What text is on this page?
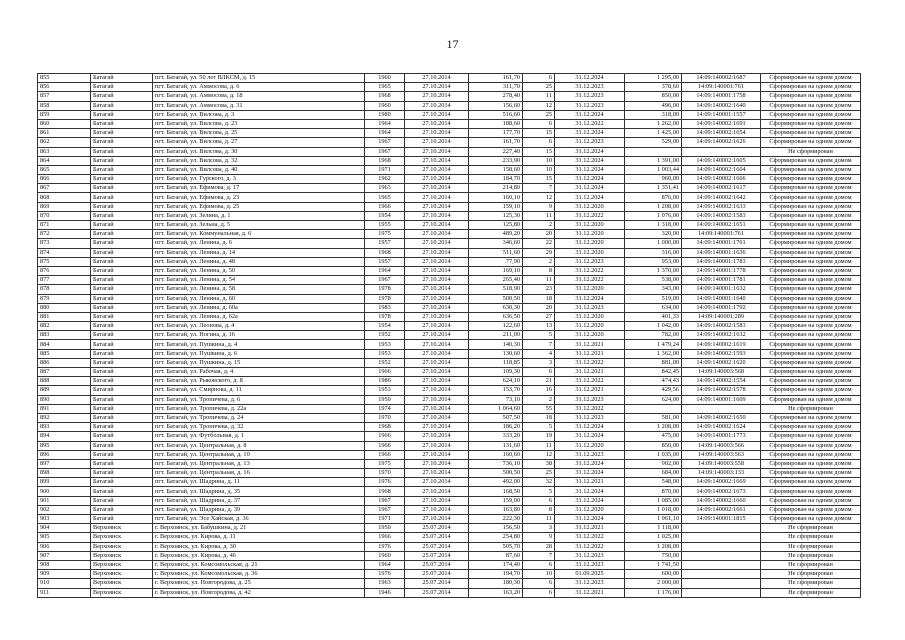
17
855	Батагай	пгт. Батагай, ул. 50 лет ВЛКСМ, д. 15	1960	27.10.2014	161,70	6	31.12.2024	1 295,00	14:09:140002:1687	Сформирован на одним домом
856	Батагай	пгт. Батагай, ул. Аммосова, д. 6	1965	27.10.2014	311,70	25	31.12.2023	378,60	14:09:140001:761	Сформирован на одним домом
857	Батагай	пгт. Батагай, ул. Аммосова, д. 18	1968	27.10.2014	278,40	11	31.12.2023	850,00	14:09:140001:1758	Сформирован на одним домом
858	Батагай	пгт. Батагай, ул. Аммосова, д. 31	1960	27.10.2014	156,60	12	31.12.2023	496,00	14:09:140002:1640	Сформирован на одним домом
859	Батагай	пгт. Батагай, ул. Вилсова, д. 3	1980	27.10.2014	516,60	25	31.12.2024	318,00	14:09:140001:1557	Сформирован на одним домом
860	Батагай	пгт. Батагай, ул. Вилсова, д. 23	1964	27.10.2014	188,60	6	31.12.2022	1 262,00	14:09:140002:1691	Сформирован на одним домом
861	Батагай	пгт. Батагай, ул. Вилсова, д. 25	1964	27.10.2014	177,70	15	31.12.2024	1 425,00	14:09:140002:1654	Сформирован на одним домом
862	Батагай	пгт. Батагай, ул. Вилсова, д. 27	1967	27.10.2014	161,70	6	31.12.2023	529,00	14:09:140002:1626	Сформирован на одним домом
863	Батагай	пгт. Батагай, ул. Вилсова, д. 30	1967	27.10.2014	227,40	15	31.12.2024			Не сформирован
864	Батагай	пгт. Батагай, ул. Вилсова, д. 32	1968	27.10.2014	233,90	10	31.12.2024	1 391,00	14:09:140002:1605	Сформирован на одним домом
865	Батагай	пгт. Батагай, ул. Вилсова, д. 40	1971	27.10.2014	158,60	10	31.12.2024	1 003,44	14:09:140002:1604	Сформирован на одним домом
866	Батагай	пгт. Батагай, ул. Гурского, д. 3	1962	27.10.2014	184,70	15	31.12.2024	960,00	14:09:140002:1666	Сформирован на одним домом
867	Батагай	пгт. Батагай, ул. Ефимова, д. 17	1963	27.10.2014	214,80	7	31.12.2024	1 351,41	14:09:140002:1617	Сформирован на одним домом
868	Батагай	пгт. Батагай, ул. Ефимова, д. 23	1965	27.10.2014	160,10	12	31.12.2024	876,00	14:09:140002:1642	Сформирован на одним домом
869	Батагай	пгт. Батагай, ул. Ефимова, д. 25	1966	27.10.2014	159,10	9	31.12.2020	1 208,00	14:09:140002:1633	Сформирован на одним домом
870	Батагай	пгт. Батагай, ул. Зелина, д. 1	1954	27.10.2014	125,30	11	31.12.2022	1 076,00	14:09:140002:1583	Сформирован на одним домом
871	Батагай	пгт. Батагай, ул. Зельна, д. 5	1955	27.10.2014	125,80	2	31.12.2020	1 318,00	14:09:140002:1651	Сформирован на одним домом
872	Батагай	пгт. Батагай, ул. Коммунальная, д. 6	1975	27.10.2014	489,20	20	31.12.2020	320,00	14:09:140001:761	Сформирован на одним домом
873	Батагай	пгт. Батагай, ул. Ленина, д. 6	1957	27.10.2014	346,60	22	31.12.2020	1 000,00	14:09:140001:1761	Сформирован на одним домом
874	Батагай	пгт. Батагай, ул. Ленина, д. 14	1968	27.10.2014	511,60	29	31.12.2020	316,00	14:09:140001:1636	Сформирован на одним домом
875	Батагай	пгт. Батагай, ул. Ленина, д. 48	1957	27.10.2014	77,90	2	31.12.2023	953,00	14:09:140001:1783	Сформирован на одним домом
876	Батагай	пгт. Батагай, ул. Ленина, д. 50	1964	27.10.2014	169,10	8	31.12.2022	1 370,00	14:09:140001:1778	Сформирован на одним домом
877	Батагай	пгт. Батагай, ул. Ленина, д. 54	1967	27.10.2014	265,40	11	31.12.2022	538,00	14:09:140001:1781	Сформирован на одним домом
878	Батагай	пгт. Батагай, ул. Ленина, д. 58	1978	27.10.2014	518,90	23	31.12.2020	343,00	14:09:140001:1632	Сформирован на одним домом
879	Батагай	пгт. Батагай, ул. Ленина, д. 60	1978	27.10.2014	500,50	18	31.12.2024	519,00	14:09:140001:1640	Сформирован на одним домом
880	Батагай	пгт. Батагай, ул. Ленина, д. 60а	1983	27.10.2014	630,30	20	31.12.2023	634,00	14:09:140001:1792	Сформирован на одним домом
881	Батагай	пгт. Батагай, ул. Ленина, д. 62а	1978	27.10.2014	636,50	27	31.12.2020	401,33	14:09:140001:289	Сформирован на одним домом
882	Батагай	пгт. Батагай, ул. Леонова, д. 4	1954	27.10.2014	122,60	13	31.12.2020	1 042,00	14:09:140002:1583	Сформирован на одним домом
883	Батагай	пгт. Батагай, ул. Ногина, д. 16	1952	27.10.2014	211,00	5	31.12.2020	782,00	14:09:140002:1632	Сформирован на одним домом
884	Батагай	пгт. Батагай, ул. Пушкина, д. 4	1953	27.10.2014	140,30	7	31.12.2021	1 479,24	14:09:140002:1619	Сформирован на одним домом
885	Батагай	пгт. Батагай, ул. Пушкина, д. 6	1953	27.10.2014	130,60	4	31.12.2021	1 362,00	14:09:140002:1593	Сформирован на одним домом
886	Батагай	пгт. Батагай, ул. Пушкина, д. 15	1952	27.10.2014	118,85	3	31.12.2022	881,00	14:09:140002:1620	Сформирован на одним домом
887	Батагай	пгт. Батагай, ул. Рабочая, д. 4	1966	27.10.2014	109,30	6	31.12.2021	842,45	14:09:140003:568	Сформирован на одним домом
888	Батагай	пгт. Батагай, ул. Рыковского, д. 8	1986	27.10.2014	624,10	21	31.12.2022	474,43	14:09:140002:1554	Сформирован на одним домом
889	Батагай	пгт. Батагай, ул. Смирнова, д. 11	1953	27.10.2014	153,70	16	31.12.2021	429,56	14:09:140002:1578	Сформирован на одним домом
890	Батагай	пгт. Батагай, ул. Тропичева, д. 6	1950	27.10.2014	73,10	2	31.12.2023	624,00	14:09:140001:1609	Сформирован на одним домом
891	Батагай	пгт. Батагай, ул. Тропичева, д. 22а	1974	27.10.2014	1 064,60	55	31.12.2022			Не сформирован
892	Батагай	пгт. Батагай, ул. Тропичева, д. 24	1970	27.10.2014	507,50	18	31.12.2023	581,00	14:09:140002:1650	Сформирован на одним домом
893	Батагай	пгт. Батагай, ул. Тропичева, д. 32	1968	27.10.2014	186,20	5	31.12.2024	1 208,00	14:09:140002:1624	Сформирован на одним домом
894	Батагай	пгт. Батагай, ул. Футбольная, д. 1	1966	27.10.2014	333,20	19	31.12.2024	475,00	14:09:140001:1773	Сформирован на одним домом
895	Батагай	пгт. Батагай, ул. Центральная, д. 8	1966	27.10.2014	131,60	11	31.12.2020	850,00	14:09:140003:566	Сформирован на одним домом
896	Батагай	пгт. Батагай, ул. Центральная, д. 10	1966	27.10.2014	160,60	12	31.12.2023	1 035,00	14:09:140003:563	Сформирован на одним домом
897	Батагай	пгт. Батагай, ул. Центральная, д. 13	1975	27.10.2014	736,10	38	31.12.2024	902,00	14:09:140003:558	Сформирован на одним домом
898	Батагай	пгт. Батагай, ул. Центральная, д. 16	1970	27.10.2014	500,50	25	31.12.2024	684,00	14:09:140003:133	Сформирован на одним домом
899	Батагай	пгт. Батагай, ул. Шадрина, д. 11	1976	27.10.2014	492,00	32	31.12.2021	548,00	14:09:140002:1669	Сформирован на одним домом
900	Батагай	пгт. Батагай, ул. Шадрина, д. 35	1968	27.10.2014	168,50	5	31.12.2024	870,00	14:09:140002:1673	Сформирован на одним домом
901	Батагай	пгт. Батагай, ул. Шадрина, д. 37	1967	27.10.2014	159,00	6	31.12.2024	1 085,00	14:09:140002:1660	Сформирован на одним домом
902	Батагай	пгт. Батагай, ул. Шадрина, д. 39	1967	27.10.2014	163,80	8	31.12.2020	1 018,00	14:09:140002:1661	Сформирован на одним домом
903	Батагай	пгт. Батагай, ул. Эсе Хайская, д. 36	1971	27.10.2014	222,30	11	31.12.2024	1 961,10	14:09:140001:1815	Сформирован на одним домом
904	Верхоянск	г. Верхоянск, ул. Бабушкина, д. 21	1950	25.07.2014	156,50	3	31.12.2021	1 118,00		Не сформирован
905	Верхоянск	г. Верхоянск, ул. Кирова, д. 11	1966	25.07.2014	254,80	9	31.12.2022	1 025,00		Не сформирован
906	Верхоянск	г. Верхоянск, ул. Кирова, д. 30	1976	25.07.2014	505,70	28	31.12.2022	1 208,00		Не сформирован
907	Верхоянск	г. Верхоянск, ул. Кирова, д. 46	1960	25.07.2014	87,60	7	31.12.2023	750,00		Не сформирован
908	Верхоянск	г. Верхоянск, ул. Комсомольская, д. 21	1964	25.07.2014	174,40	6	31.12.2023	1 741,50		Не сформирован
909	Верхоянск	г. Верхоянск, ул. Комсомольская, д. 36	1976	25.07.2014	194,70	10	01.09.2025	600,00		Не сформирован
910	Верхоянск	г. Верхоянск, ул. Новгородова, д. 25	1963	25.07.2014	180,30	6	31.12.2023	2 000,00		Не сформирован
911	Верхоянск	г. Верхоянск, ул. Новгородова, д. 42	1946	25.07.2014	163,20	6	31.12.2021	1 176,00		Не сформирован
